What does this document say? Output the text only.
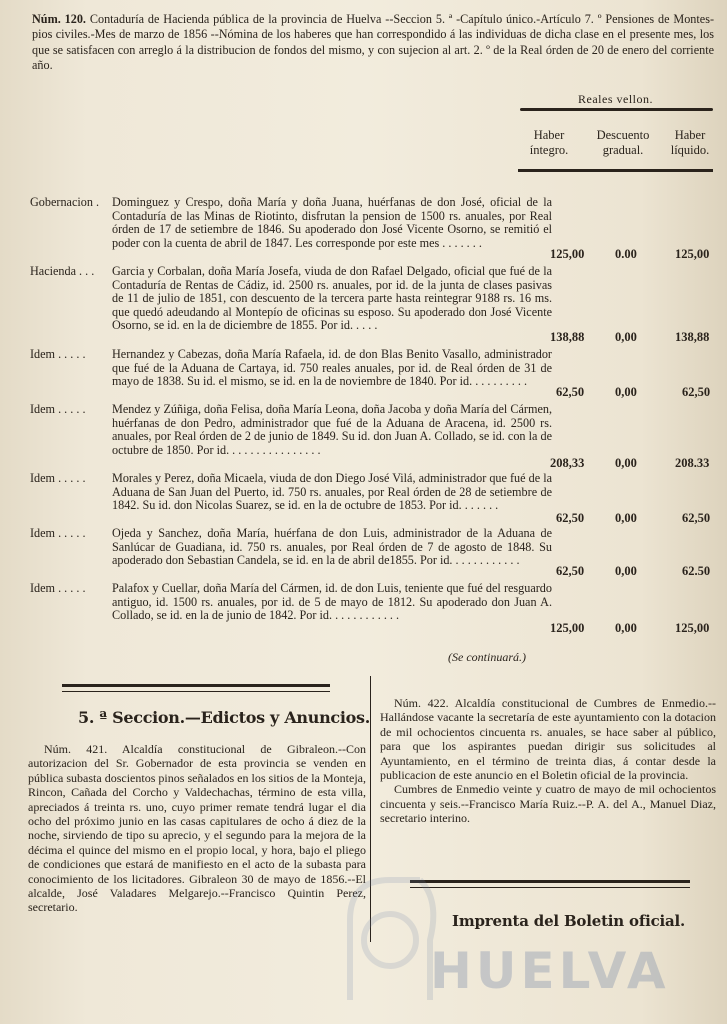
Núm. 120. Contaduría de Hacienda pública de la provincia de Huelva --Seccion 5. ª -Capítulo único.-Artículo 7. º Pensiones de Montes-pios civiles.-Mes de marzo de 1856 --Nómina de los haberes que han correspondido á las individuas de dicha clase en el presente mes, los que se satisfacen con arreglo á la distribucion de fondos del mismo, y con sujecion al art. 2. º de la Real órden de 20 de enero del corriente año.
Reales vellon.
Haber íntegro.
Descuento gradual.
Haber líquido.
Gobernacion .	Dominguez y Crespo, doña María y doña Juana, huérfanas de don José, oficial de la Contaduría de las Minas de Riotinto, disfrutan la pension de 1500 rs. anuales, por Real órden de 17 de setiembre de 1846. Su apoderado don José Vicente Osorno, se remitió el poder con la cuenta de abril de 1847. Les corresponde por este mes . . . . . . .
125,00 0.00	125,00
Hacienda . . .	Garcia y Corbalan, doña María Josefa, viuda de don Rafael Delgado, oficial que fué de la Contaduría de Rentas de Cádiz, id. 2500 rs. anuales, por id. de la junta de clases pasivas de 11 de julio de 1851, con descuento de la tercera parte hasta reintegrar 9188 rs. 16 ms. que quedó adeudando al Montepío de oficinas su esposo. Su apoderado don José Vicente Osorno, se id. en la de diciembre de 1855. Por id. . . . .
138,88 0,00	138,88
Idem . . . . .	Hernandez y Cabezas, doña María Rafaela, id. de don Blas Benito Vasallo, administrador que fué de la Aduana de Cartaya, id. 750 reales anuales, por id. de Real órden de 31 de mayo de 1838. Su id. el mismo, se id. en la de noviembre de 1840. Por id. . . . . . . . . .
62,50 0,00	62,50
Idem . . . . .	Mendez y Zúñiga, doña Felisa, doña María Leona, doña Jacoba y doña María del Cármen, huérfanas de don Pedro, administrador que fué de la Aduana de Aracena, id. 2500 rs. anuales, por Real órden de 2 de junio de 1849. Su id. don Juan A. Collado, se id. con la de octubre de 1850. Por id. . . . . . . . . . . . . . . .
208,33 0,00	208.33
Idem . . . . .	Morales y Perez, doña Micaela, viuda de don Diego José Vilá, administrador que fué de la Aduana de San Juan del Puerto, id. 750 rs. anuales, por Real órden de 28 de setiembre de 1842. Su id. don Nicolas Suarez, se id. en la de octubre de 1853. Por id. . . . . . .
62,50 0,00	62,50
Idem . . . . .	Ojeda y Sanchez, doña María, huérfana de don Luis, administrador de la Aduana de Sanlúcar de Guadiana, id. 750 rs. anuales, por Real órden de 7 de agosto de 1848. Su apoderado don Sebastian Candela, se id. en la de abril de1855. Por id. . . . . . . . . . . .
62,50 0,00	62.50
Idem . . . . .	Palafox y Cuellar, doña María del Cármen, id. de don Luis, teniente que fué del resguardo antiguo, id. 1500 rs. anuales, por id. de 5 de mayo de 1812. Su apoderado don Juan A. Collado, se id. en la de junio de 1842. Por id. . . . . . . . . . . .
125,00 0,00	125,00
(Se continuará.)
5. ª Seccion.—Edictos y Anuncios.
Núm. 421. Alcaldía constitucional de Gibraleon.--Con autorizacion del Sr. Gobernador de esta provincia se venden en pública subasta doscientos pinos señalados en los sitios de la Monteja, Rincon, Cañada del Corcho y Valdechachas, término de esta villa, apreciados á treinta rs. uno, cuyo primer remate tendrá lugar el dia ocho del próximo junio en las casas capitulares de ocho á diez de la noche, sirviendo de tipo su aprecio, y el segundo para la mejora de la décima el quince del mismo en el propio local, y hora, bajo el pliego de condiciones que estará de manifiesto en el acto de la subasta para conocimiento de los licitadores. Gibraleon 30 de mayo de 1856.--El alcalde, José Valadares Melgarejo.--Francisco Quintin Perez, secretario.

Núm. 422. Alcaldía constitucional de Cumbres de Enmedio.--Hallándose vacante la secretaría de este ayuntamiento con la dotacion de mil ochocientos cincuenta rs. anuales, se hace saber al público, para que los aspirantes puedan dirigir sus solicitudes al Ayuntamiento, en el término de treinta dias, á contar desde la publicacion de este anuncio en el Boletin oficial de la provincia.

Cumbres de Enmedio veinte y cuatro de mayo de mil ochocientos cincuenta y seis.--Francisco María Ruiz.--P. A. del A., Manuel Diaz, secretario interino.

Imprenta del Boletin oficial.
HUELVA
